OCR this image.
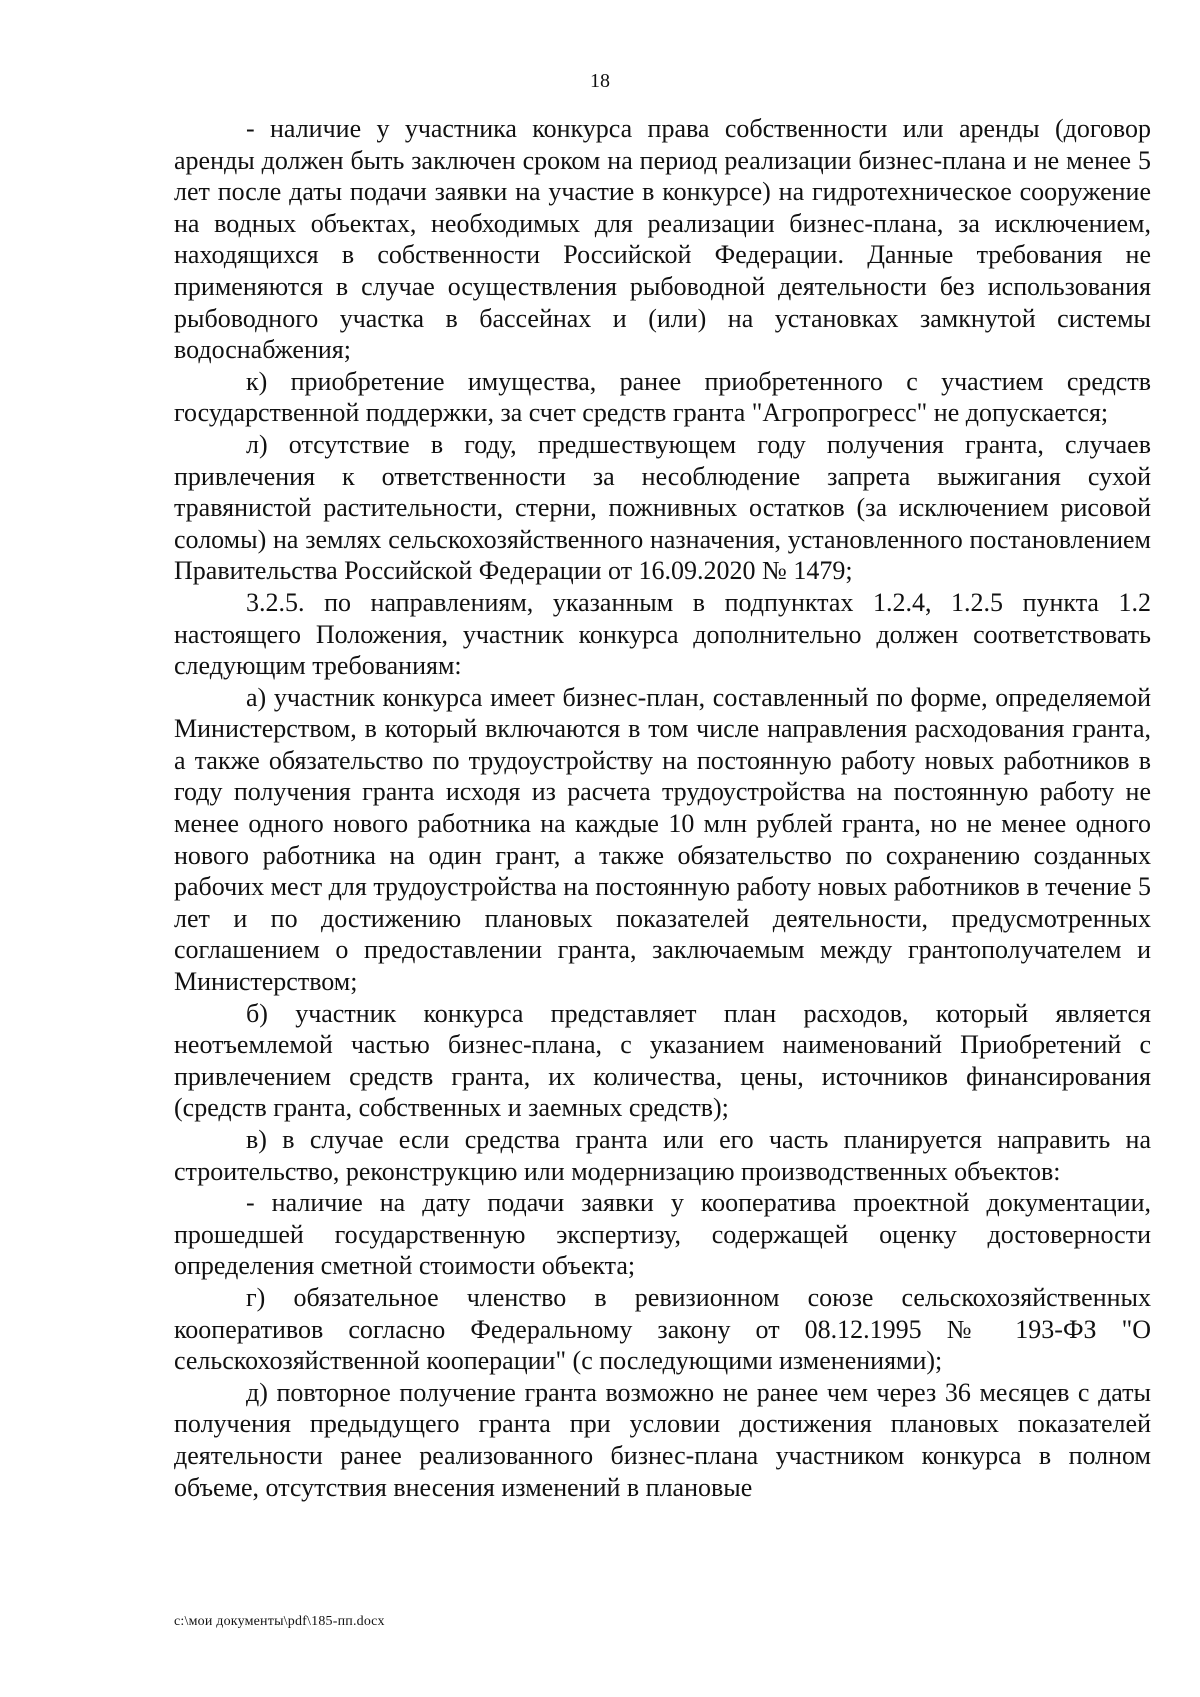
18

- наличие у участника конкурса права собственности или аренды (договор аренды должен быть заключен сроком на период реализации бизнес-плана и не менее 5 лет после даты подачи заявки на участие в конкурсе) на гидротехническое сооружение на водных объектах, необходимых для реализации бизнес-плана, за исключением, находящихся в собственности Российской Федерации. Данные требования не применяются в случае осуществления рыбоводной деятельности без использования рыбоводного участка в бассейнах и (или) на установках замкнутой системы водоснабжения;

к) приобретение имущества, ранее приобретенного с участием средств государственной поддержки, за счет средств гранта "Агропрогресс" не допускается;

л) отсутствие в году, предшествующем году получения гранта, случаев привлечения к ответственности за несоблюдение запрета выжигания сухой травянистой растительности, стерни, пожнивных остатков (за исключением рисовой соломы) на землях сельскохозяйственного назначения, установленного постановлением Правительства Российской Федерации от 16.09.2020 № 1479;

3.2.5. по направлениям, указанным в подпунктах 1.2.4, 1.2.5 пункта 1.2 настоящего Положения, участник конкурса дополнительно должен соответствовать следующим требованиям:

а) участник конкурса имеет бизнес-план, составленный по форме, определяемой Министерством, в который включаются в том числе направления расходования гранта, а также обязательство по трудоустройству на постоянную работу новых работников в году получения гранта исходя из расчета трудоустройства на постоянную работу не менее одного нового работника на каждые 10 млн рублей гранта, но не менее одного нового работника на один грант, а также обязательство по сохранению созданных рабочих мест для трудоустройства на постоянную работу новых работников в течение 5 лет и по достижению плановых показателей деятельности, предусмотренных соглашением о предоставлении гранта, заключаемым между грантополучателем и Министерством;

б) участник конкурса представляет план расходов, который является неотъемлемой частью бизнес-плана, с указанием наименований Приобретений с привлечением средств гранта, их количества, цены, источников финансирования (средств гранта, собственных и заемных средств);

в) в случае если средства гранта или его часть планируется направить на строительство, реконструкцию или модернизацию производственных объектов:

- наличие на дату подачи заявки у кооператива проектной документации, прошедшей государственную экспертизу, содержащей оценку достоверности определения сметной стоимости объекта;

г) обязательное членство в ревизионном союзе сельскохозяйственных кооперативов согласно Федеральному закону от 08.12.1995 № 193-ФЗ "О сельскохозяйственной кооперации" (с последующими изменениями);

д) повторное получение гранта возможно не ранее чем через 36 месяцев с даты получения предыдущего гранта при условии достижения плановых показателей деятельности ранее реализованного бизнес-плана участником конкурса в полном объеме, отсутствия внесения изменений в плановые

c:\мои документы\pdf\185-пп.docx
